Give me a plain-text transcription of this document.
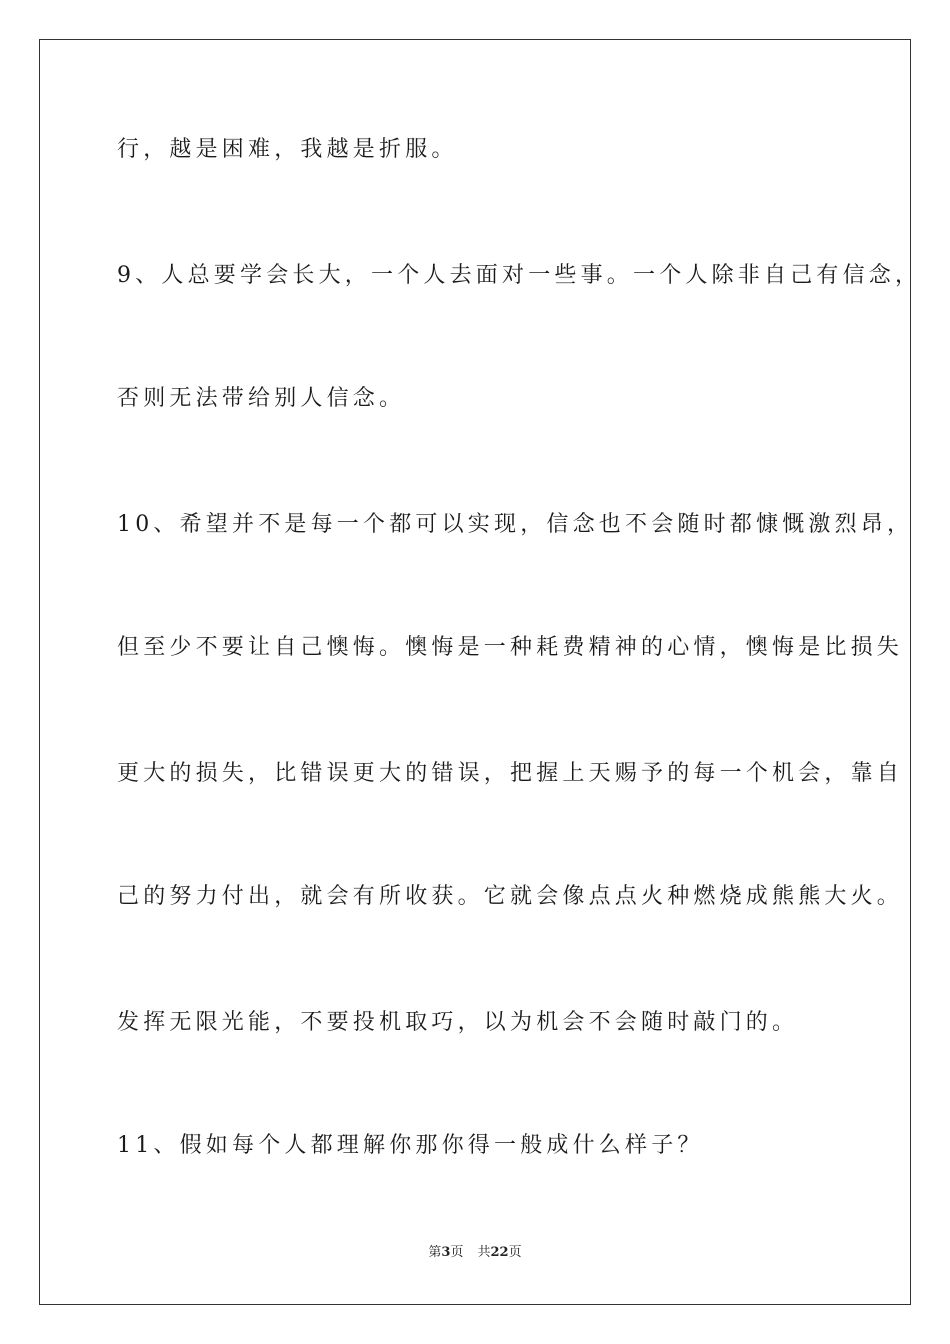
行，越是困难，我越是折服。
9、人总要学会长大，一个人去面对一些事。一个人除非自己有信念，
否则无法带给别人信念。
10、希望并不是每一个都可以实现，信念也不会随时都慷慨激烈昂，
但至少不要让自己懊悔。懊悔是一种耗费精神的心情，懊悔是比损失
更大的损失，比错误更大的错误，把握上天赐予的每一个机会，靠自
己的努力付出，就会有所收获。它就会像点点火种燃烧成熊熊大火。
发挥无限光能，不要投机取巧，以为机会不会随时敲门的。
11、假如每个人都理解你那你得一般成什么样子？
第3页 共22页
